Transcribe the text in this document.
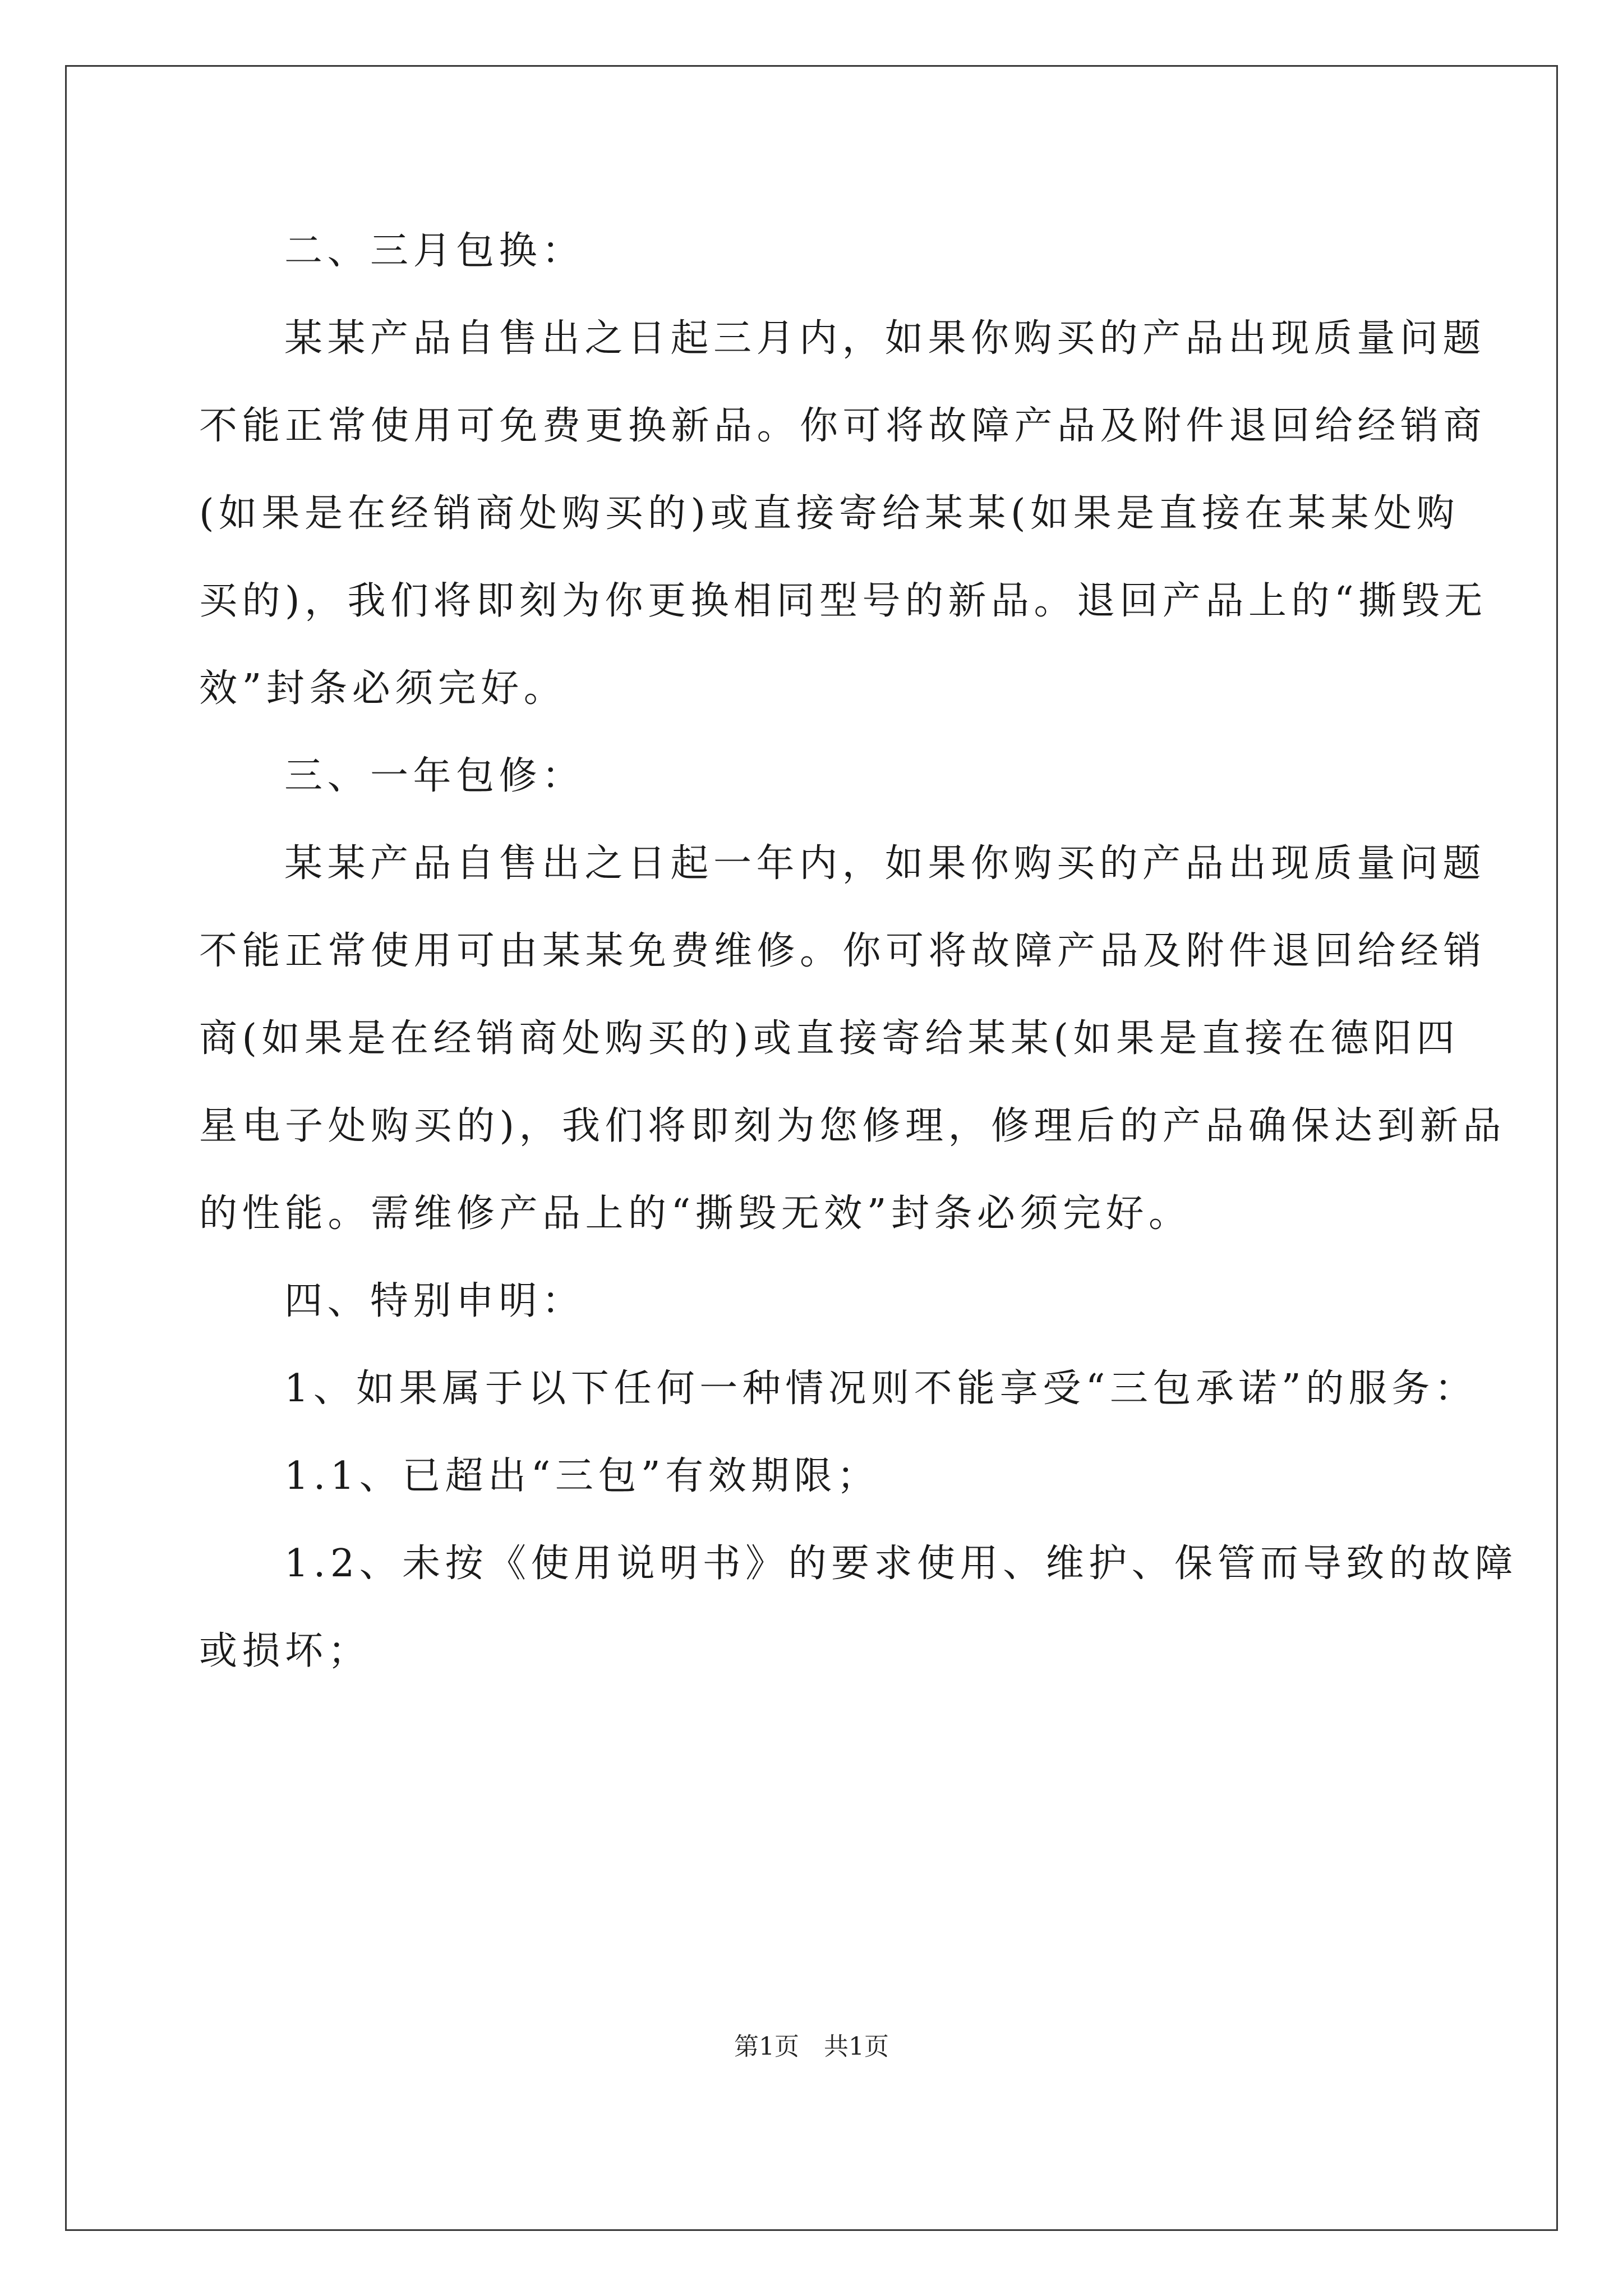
二、三月包换：
某某产品自售出之日起三月内，如果你购买的产品出现质量问题
不能正常使用可免费更换新品。你可将故障产品及附件退回给经销商
(如果是在经销商处购买的)或直接寄给某某(如果是直接在某某处购
买的)，我们将即刻为你更换相同型号的新品。退回产品上的“撕毁无
效”封条必须完好。
三、一年包修：
某某产品自售出之日起一年内，如果你购买的产品出现质量问题
不能正常使用可由某某免费维修。你可将故障产品及附件退回给经销
商(如果是在经销商处购买的)或直接寄给某某(如果是直接在德阳四
星电子处购买的)，我们将即刻为您修理，修理后的产品确保达到新品
的性能。需维修产品上的“撕毁无效”封条必须完好。
四、特别申明：
1、如果属于以下任何一种情况则不能享受“三包承诺”的服务：
1.1、已超出“三包”有效期限；
1.2、未按《使用说明书》的要求使用、维护、保管而导致的故障
或损坏；
第1页　共1页
